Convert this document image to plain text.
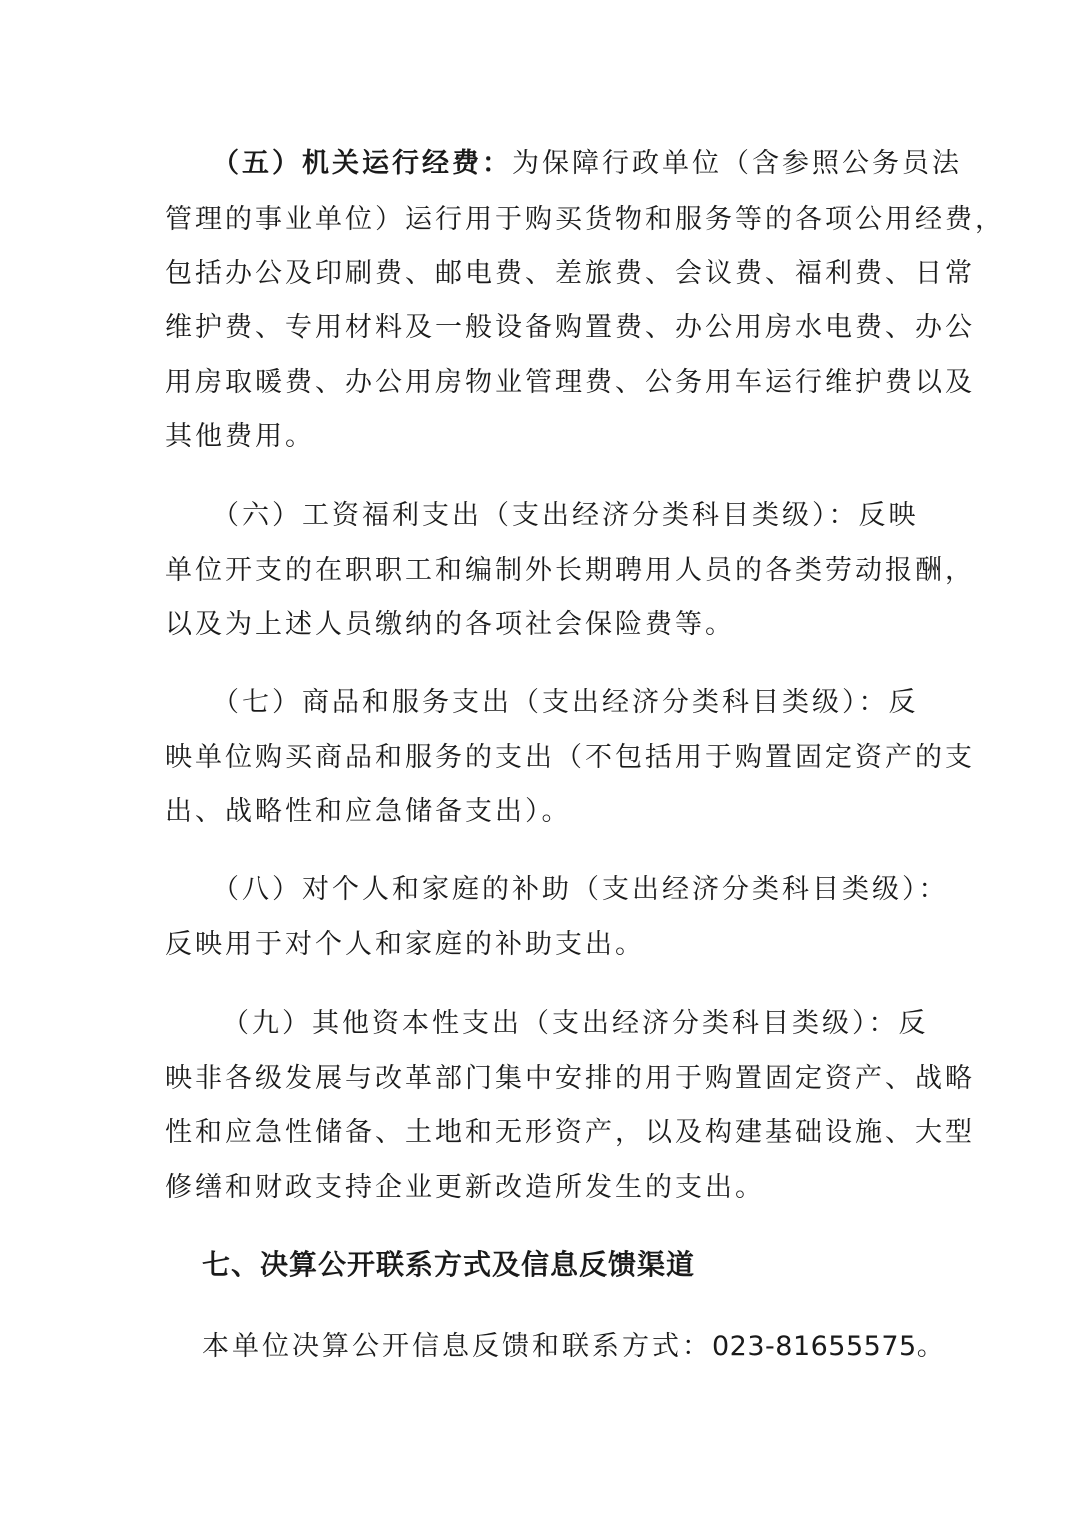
（五）机关运行经费：为保障行政单位（含参照公务员法
管理的事业单位）运行用于购买货物和服务等的各项公用经费，
包括办公及印刷费、邮电费、差旅费、会议费、福利费、日常
维护费、专用材料及一般设备购置费、办公用房水电费、办公
用房取暖费、办公用房物业管理费、公务用车运行维护费以及
其他费用。
（六）工资福利支出（支出经济分类科目类级）：反映
单位开支的在职职工和编制外长期聘用人员的各类劳动报酬，
以及为上述人员缴纳的各项社会保险费等。
（七）商品和服务支出（支出经济分类科目类级）：反
映单位购买商品和服务的支出（不包括用于购置固定资产的支
出、战略性和应急储备支出）。
（八）对个人和家庭的补助（支出经济分类科目类级）：
反映用于对个人和家庭的补助支出。
（九）其他资本性支出（支出经济分类科目类级）：反
映非各级发展与改革部门集中安排的用于购置固定资产、战略
性和应急性储备、土地和无形资产，以及构建基础设施、大型
修缮和财政支持企业更新改造所发生的支出。
七、决算公开联系方式及信息反馈渠道
本单位决算公开信息反馈和联系方式：023-81655575。
